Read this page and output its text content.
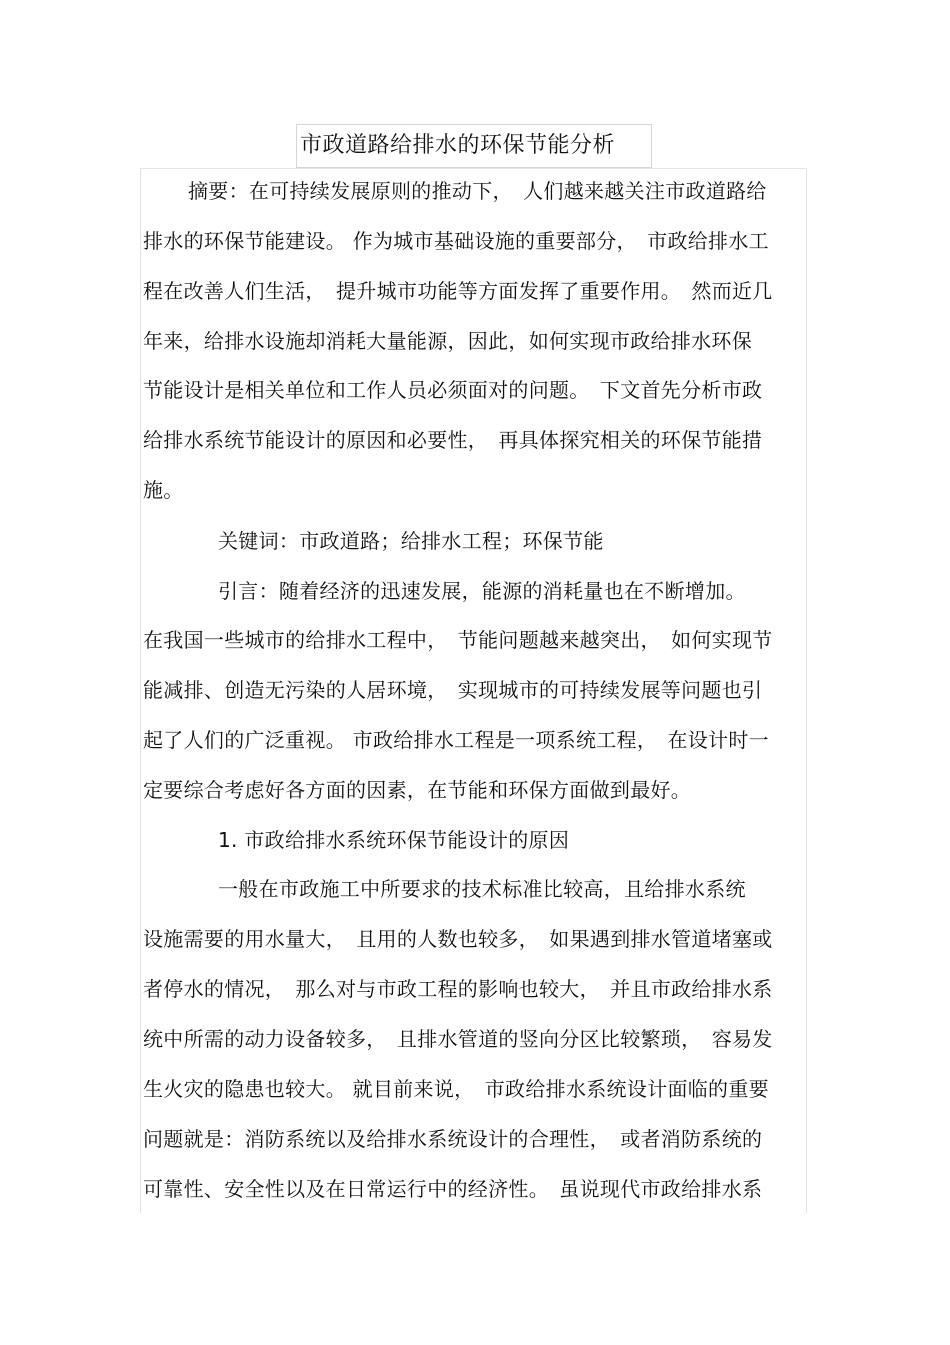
市政道路给排水的环保节能分析
摘要：在可持续发展原则的推动下，　人们越来越关注市政道路给
排水的环保节能建设。 作为城市基础设施的重要部分，　市政给排水工
程在改善人们生活，　提升城市功能等方面发挥了重要作用。　然而近几
年来，给排水设施却消耗大量能源，因此，如何实现市政给排水环保
节能设计是相关单位和工作人员必须面对的问题。　下文首先分析市政
给排水系统节能设计的原因和必要性，　再具体探究相关的环保节能措
施。
关键词：市政道路；给排水工程；环保节能
引言：随着经济的迅速发展，能源的消耗量也在不断增加。
在我国一些城市的给排水工程中，　节能问题越来越突出，　如何实现节
能减排、创造无污染的人居环境，　实现城市的可持续发展等问题也引
起了人们的广泛重视。 市政给排水工程是一项系统工程，　在设计时一
定要综合考虑好各方面的因素，在节能和环保方面做到最好。
1. 市政给排水系统环保节能设计的原因
一般在市政施工中所要求的技术标准比较高，且给排水系统
设施需要的用水量大，　且用的人数也较多，　如果遇到排水管道堵塞或
者停水的情况，　那么对与市政工程的影响也较大，　并且市政给排水系
统中所需的动力设备较多，　且排水管道的竖向分区比较繁琐，　容易发
生火灾的隐患也较大。 就目前来说，　市政给排水系统设计面临的重要
问题就是：消防系统以及给排水系统设计的合理性，　或者消防系统的
可靠性、安全性以及在日常运行中的经济性。　虽说现代市政给排水系
